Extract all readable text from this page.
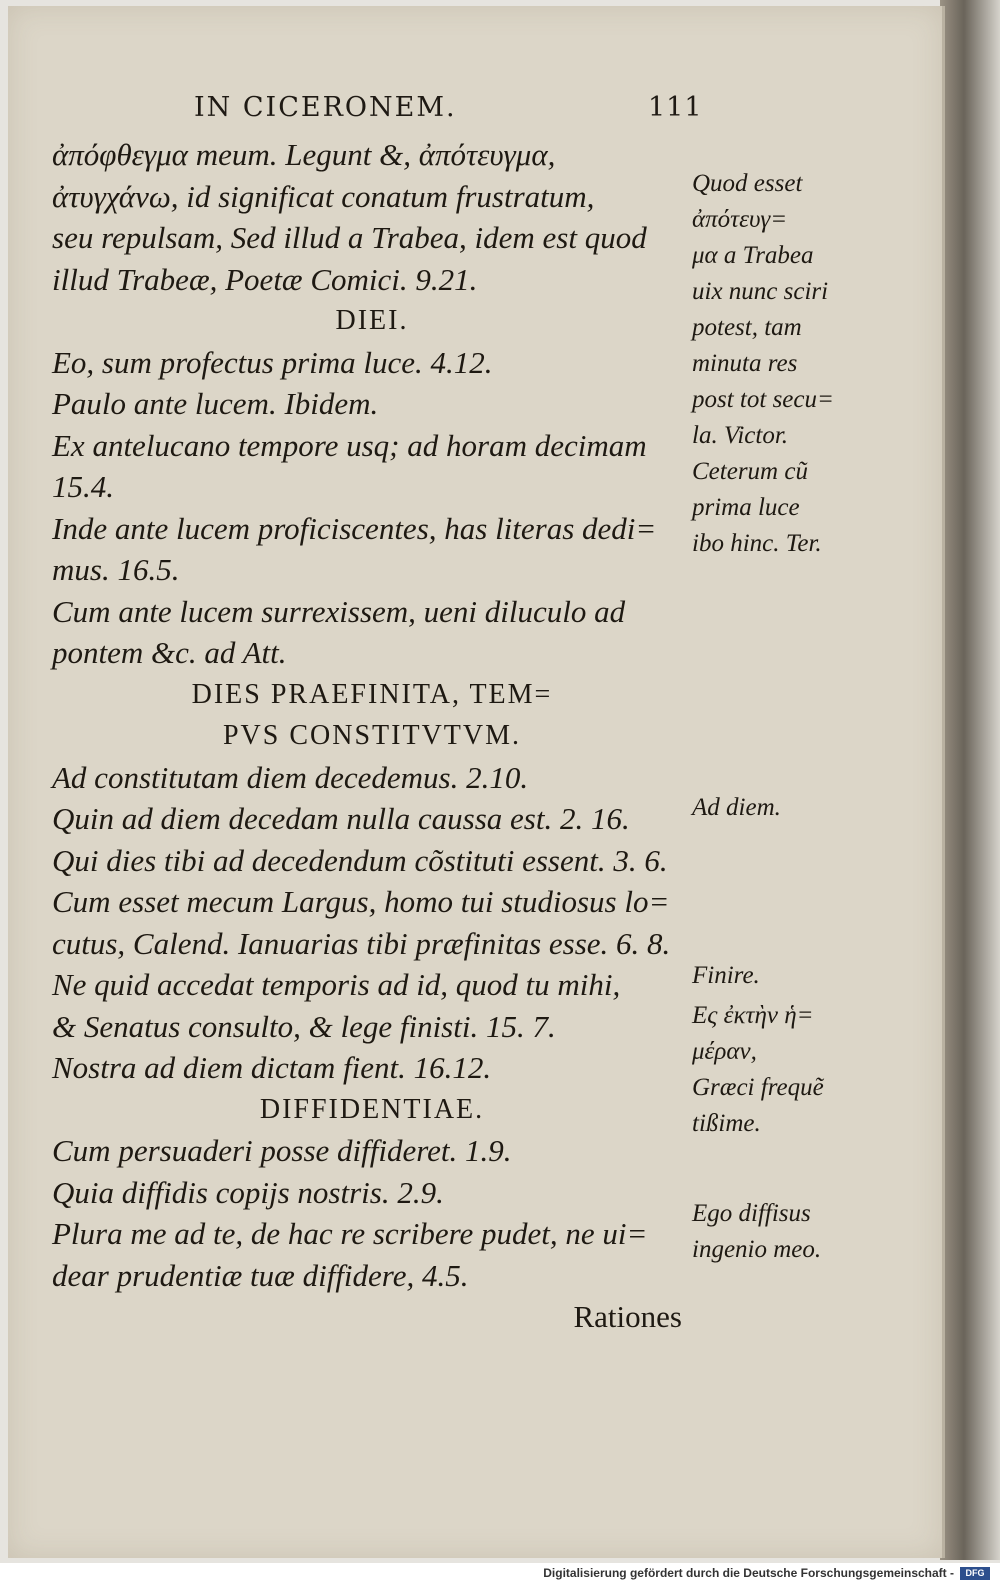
IN CICERONEM.	111
ἀπόφθεγμα meum. Legunt &, ἀπότευγμα,
ἀτυγχάνω, id significat conatum frustratum,
seu repulsam, Sed illud a Trabea, idem est quod
illud Trabeæ, Poetæ Comici. 9.21.
DIEI.
Eo, sum profectus prima luce. 4.12.
Paulo ante lucem. Ibidem.
Ex antelucano tempore usq; ad horam decimam
15.4.
Inde ante lucem proficiscentes, has literas dedi=
mus. 16.5.
Cum ante lucem surrexissem, ueni diluculo ad
pontem &c. ad Att.
DIES PRAEFINITA, TEM=
PVS CONSTITVTVM.
Ad constitutam diem decedemus. 2.10.
Quin ad diem decedam nulla caussa est. 2. 16.
Qui dies tibi ad decedendum cõstituti essent. 3. 6.
Cum esset mecum Largus, homo tui studiosus lo=
cutus, Calend. Ianuarias tibi præfinitas esse. 6. 8.
Ne quid accedat temporis ad id, quod tu mihi,
& Senatus consulto, & lege finisti. 15. 7.
Nostra ad diem dictam fient. 16.12.
DIFFIDENTIAE.
Cum persuaderi posse diffideret. 1.9.
Quia diffidis copijs nostris. 2.9.
Plura me ad te, de hac re scribere pudet, ne ui=
dear prudentiæ tuæ diffidere, 4.5.
Rationes
Quod esset
ἀπότευγ=
μα a Trabea
uix nunc sciri
potest, tam
minuta res
post tot secu=
la. Victor.
Ceterum cũ
prima luce
ibo hinc. Ter.
Ad diem.
Finire.
Eς ἐκτὴν ἡ=
μέραν,
Græci frequẽ
tißime.
Ego diffisus
ingenio meo.
Digitalisierung gefördert durch die Deutsche Forschungsgemeinschaft -	DFG
